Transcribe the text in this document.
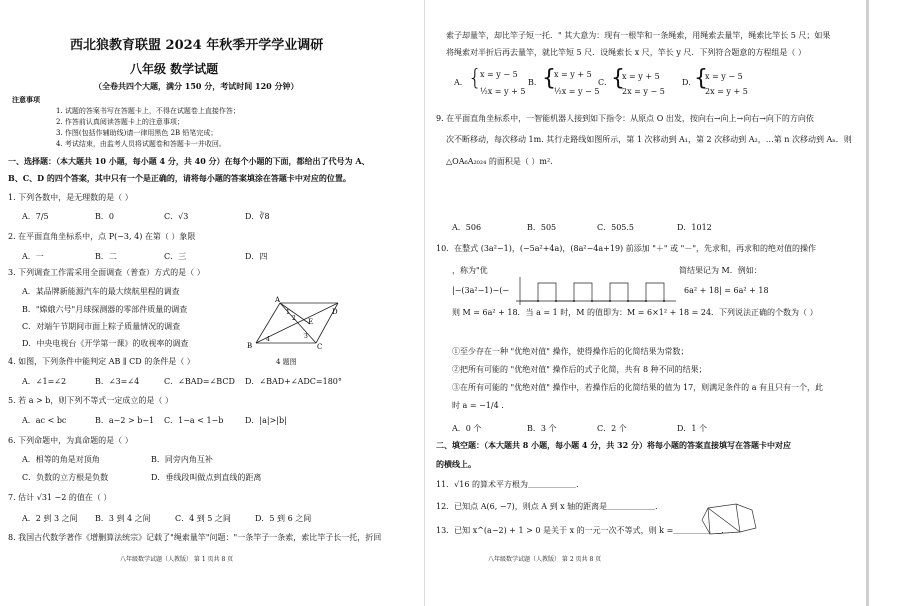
西北狼教育联盟 2024 年秋季开学学业调研
八年级 数学试题
（全卷共四个大题，满分 150 分，考试时间 120 分钟）
注意事项
1. 试题的答案书写在答题卡上，不得在试题卷上直接作答；
2. 作答前认真阅读答题卡上的注意事项；
3. 作图(包括作辅助线)请一律用黑色 2B 铅笔完成；
4. 考试结束，由监考人员将试题卷和答题卡一并收回。
一、选择题：（本大题共 10 小题，每小题 4 分，共 40 分）在每个小题的下面，都给出了代号为 A、
B、C、D 的四个答案，其中只有一个是正确的，请将每小题的答案填涂在答题卡中对应的位置。
1. 下列各数中，是无理数的是（ ）
A．7/5	B．0	C．√3	D．∛8
2. 在平面直角坐标系中，点 P(−3, 4) 在第（ ）象限
A．一	B．二	C．三	D．四
3. 下列调查工作需采用全面调查（普查）方式的是（ ）
A．某品牌新能源汽车的最大续航里程的调查
B．"嫦娥六号"月球探测器的零部件质量的调查
C．对端午节期间市面上粽子质量情况的调查
D．中央电视台《开学第一课》的收视率的调查
A
B	C
D
E
1
2
3
4
4 题图
4. 如图，下列条件中能判定 AB ∥ CD 的条件是（ ）
A．∠1=∠2	B．∠3=∠4	C．∠BAD=∠BCD D．∠BAD+∠ADC=180°
5. 若 a > b，则下列不等式一定成立的是（ ）
A．ac < bc	B．a−2 > b−1 C．1−a < 1−b	D．|a|>|b|
6. 下列命题中，为真命题的是（ ）
A．相等的角是对顶角	B．同旁内角互补
C．负数的立方根是负数	D．垂线段叫做点到直线的距离
7. 估计 √31 −2 的值在（ ）
A．2 到 3 之间 B．3 到 4 之间	C．4 到 5 之间	D．5 到 6 之间
8. 我国古代数学著作《增删算法统宗》记载了"绳索量竿"问题："一条竿子一条索，索比竿子长一托，折回
八年级数学试题（人教版） 第 1 页共 8 页
索子却量竿，却比竿子短一托．" 其大意为：现有一根竿和一条绳索，用绳索去量竿，绳索比竿长 5 尺；如果
将绳索对半折后再去量竿，就比竿短 5 尺．设绳索长 x 尺，竿长 y 尺．下列符合题意的方程组是（ ）
A． {
x = y − 5
½x = y + 5
B． {
x = y + 5
½x = y − 5
C．
{
x = y + 5
2x = y − 5
D．
{
x = y − 5
2x = y + 5
9. 在平面直角坐标系中，一智能机器人接到如下指令：从原点 O 出发，按向右→向上→向右→向下的方向依
次不断移动，每次移动 1m. 其行走路线如图所示，第 1 次移动到 A₁，第 2 次移动到 A₂，…第 n 次移动到 Aₙ．则
△OA₆A₂₀₂₄ 的面积是（ ）m².
A．506	B．505	C．505.5	D．1012
10．在整式 (3a²−1)，(−5a²+4a)，(8a²−4a+19) 前添加 "＋" 或 "－"，先求和，再求和的绝对值的操作
，称为"优	简结果记为 M．例如：
|−(3a²−1)−(−	6a² + 18| = 6a² + 18
则 M = 6a² + 18．当 a = 1 时，M 的值即为：M = 6×1² + 18 = 24．下列说法正确的个数为（ ）
①至少存在一种 "优绝对值" 操作，使得操作后的化简结果为常数；
②把所有可能的 "优绝对值" 操作后的式子化简，共有 8 种不同的结果；
③在所有可能的 "优绝对值" 操作中，若操作后的化简结果的值为 17，则满足条件的 a 有且只有一个，此
时 a = −1/4 .
A．0 个	B．3 个	C．2 个	D．1 个
二、填空题：（本大题共 8 小题，每小题 4 分，共 32 分）将每小题的答案直接填写在答题卡中对应
的横线上。
11．√16 的算术平方根为＿＿＿＿＿＿．
12．已知点 A(6, −7)，则点 A 到 x 轴的距离是＿＿＿＿＿＿．
13．已知 x^(a−2) + 1 > 0 是关于 x 的一元一次不等式，则 k =＿＿＿＿＿＿．
八年级数学试题（人教版） 第 2 页共 8 页
